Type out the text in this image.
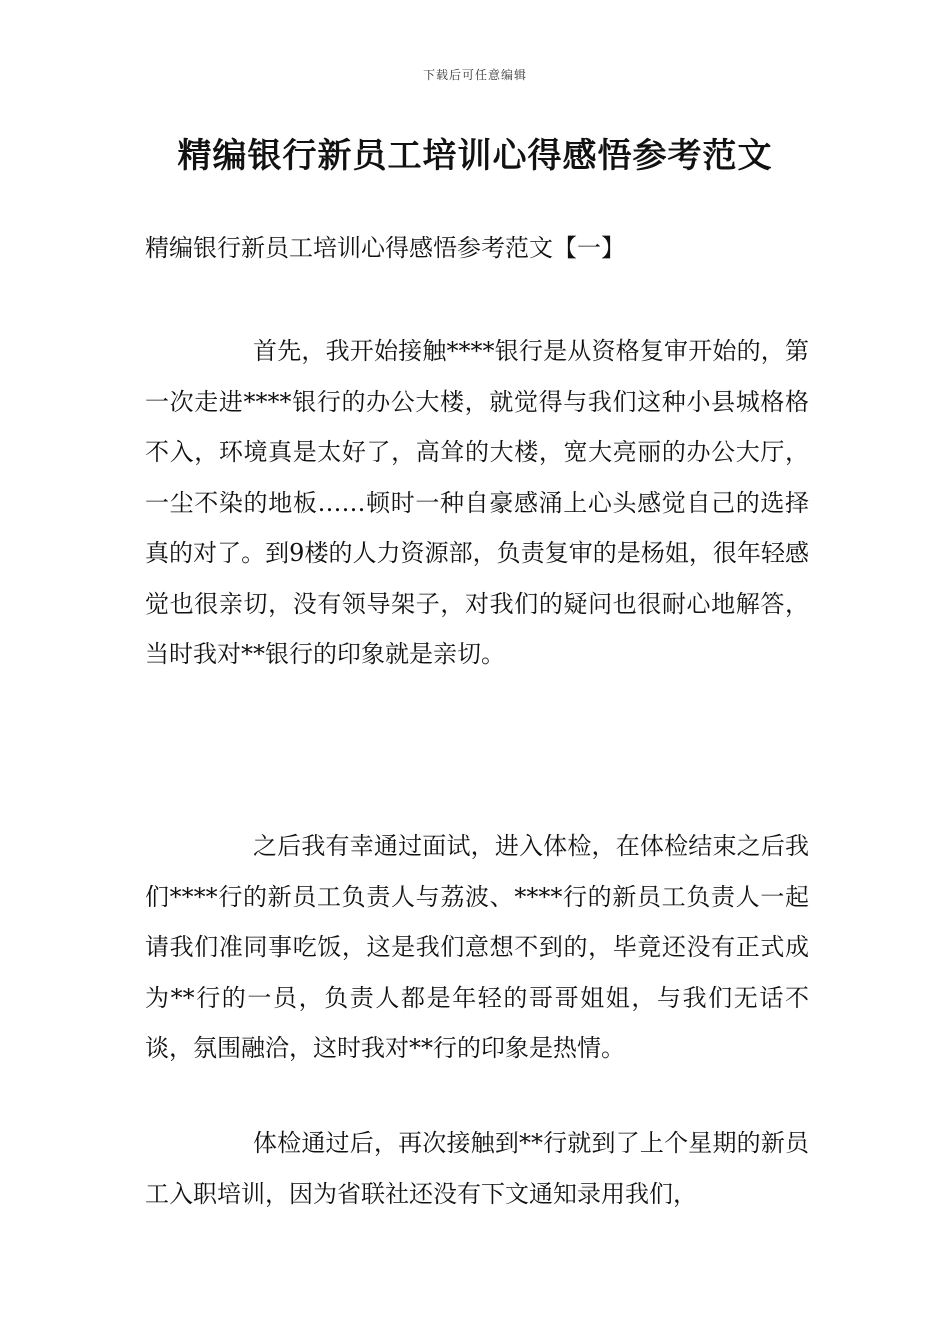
下载后可任意编辑
精编银行新员工培训心得感悟参考范文

精编银行新员工培训心得感悟参考范文【一】

首先，我开始接触****银行是从资格复审开始的，第一次走进****银行的办公大楼，就觉得与我们这种小县城格格不入，环境真是太好了，高耸的大楼，宽大亮丽的办公大厅，一尘不染的地板……顿时一种自豪感涌上心头感觉自己的选择真的对了。到9楼的人力资源部，负责复审的是杨姐，很年轻感觉也很亲切，没有领导架子，对我们的疑问也很耐心地解答，当时我对**银行的印象就是亲切。

之后我有幸通过面试，进入体检，在体检结束之后我们****行的新员工负责人与荔波、****行的新员工负责人一起请我们准同事吃饭，这是我们意想不到的，毕竟还没有正式成为**行的一员，负责人都是年轻的哥哥姐姐，与我们无话不谈，氛围融洽，这时我对**行的印象是热情。

体检通过后，再次接触到**行就到了上个星期的新员工入职培训，因为省联社还没有下文通知录用我们，
